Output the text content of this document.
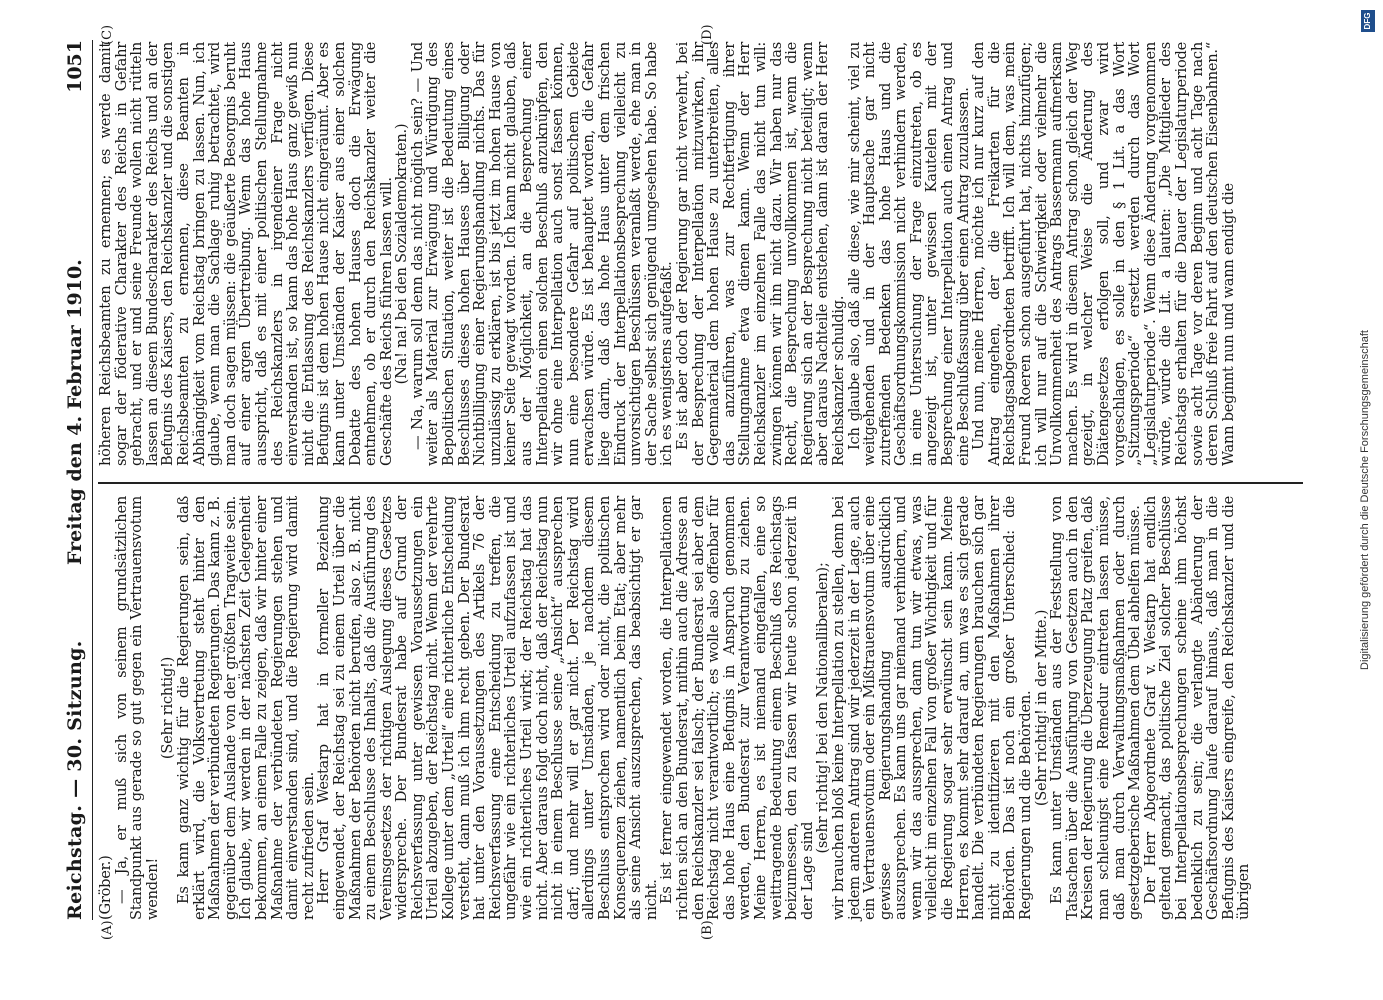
Reichstag. — 30. Sitzung.
Freitag den 4. Februar 1910.
1051
(A)	(B)
(C)	(D)

(Gröber.)

— Ja, er muß sich von seinem grundsätzlichen Standpunkt aus gerade so gut gegen ein Vertrauensvotum wenden!

(Sehr richtig!)

Es kann ganz wichtig für die Regierungen sein, daß erklärt wird, die Volksvertretung steht hinter den Maßnahmen der verbündeten Regierungen. Das kann z. B. gegenüber dem Auslande von der größten Tragweite sein. Ich glaube, wir werden in der nächsten Zeit Gelegenheit bekommen, an einem Falle zu zeigen, daß wir hinter einer Maßnahme der verbündeten Regierungen stehen und damit einverstanden sind, und die Regierung wird damit recht zufrieden sein.

Herr Graf Westarp hat in formeller Beziehung eingewendet, der Reichstag sei zu einem Urteil über die Maßnahmen der Behörden nicht berufen, also z. B. nicht zu einem Beschlusse des Inhalts, daß die Ausführung des Vereinsgesetzes der richtigen Auslegung dieses Gesetzes widerspreche. Der Bundesrat habe auf Grund der Reichsverfassung unter gewissen Voraussetzungen ein Urteil abzugeben, der Reichstag nicht. Wenn der verehrte Kollege unter dem „Urteil“ eine richterliche Entscheidung versteht, dann muß ich ihm recht geben. Der Bundesrat hat unter den Voraussetzungen des Artikels 76 der Reichsverfassung eine Entscheidung zu treffen, die ungefähr wie ein richterliches Urteil aufzufassen ist und wie ein richterliches Urteil wirkt; der Reichstag hat das nicht. Aber daraus folgt doch nicht, daß der Reichstag nun nicht in einem Beschlusse seine „Ansicht“ aussprechen darf; und mehr will er gar nicht. Der Reichstag wird allerdings unter Umständen, je nachdem diesem Beschluss entsprochen wird oder nicht, die politischen Konsequenzen ziehen, namentlich beim Etat; aber mehr als seine Ansicht auszusprechen, das beabsichtigt er gar nicht.

Es ist ferner eingewendet worden, die Interpellationen richten sich an den Bundesrat, mithin auch die Adresse an den Reichskanzler sei falsch; der Bundesrat sei aber dem Reichstag nicht verantwortlich; es wolle also offenbar für das hohe Haus eine Befugnis in Anspruch genommen werden, den Bundesrat zur Verantwortung zu ziehen. Meine Herren, es ist niemand eingefallen, eine so weittragende Bedeutung einem Beschluß des Reichstags beizumessen, den zu fassen wir heute schon jederzeit in der Lage sind

(sehr richtig! bei den Nationalliberalen);

wir brauchen bloß keine Interpellation zu stellen, denn bei jedem anderen Antrag sind wir jederzeit in der Lage, auch ein Vertrauensvotum oder ein Mißtrauensvotum über eine gewisse Regierungshandlung ausdrücklich auszusprechen. Es kann uns gar niemand verhindern, und wenn wir das aussprechen, dann tun wir etwas, was vielleicht im einzelnen Fall von großer Wichtigkeit und für die Regierung sogar sehr erwünscht sein kann. Meine Herren, es kommt sehr darauf an, um was es sich gerade handelt. Die verbündeten Regierungen brauchen sich gar nicht zu identifizieren mit den Maßnahmen ihrer Behörden. Das ist noch ein großer Unterschied: die Regierungen und die Behörden.

(Sehr richtig! in der Mitte.)

Es kann unter Umständen aus der Feststellung von Tatsachen über die Ausführung von Gesetzen auch in den Kreisen der Regierung die Überzeugung Platz greifen, daß man schleunigst eine Remedur eintreten lassen müsse, daß man durch Verwaltungsmaßnahmen oder durch gesetzgeberische Maßnahmen dem Übel abhelfen müsse.

Der Herr Abgeordnete Graf v. Westarp hat endlich geltend gemacht, das politische Ziel solcher Beschlüsse bei Interpellationsbesprechungen scheine ihm höchst bedenklich zu sein; die verlangte Abänderung der Geschäftsordnung laufe darauf hinaus, daß man in die Befugnis des Kaisers eingreife, den Reichskanzler und die übrigen

höheren Reichsbeamten zu ernennen; es werde damit sogar der föderative Charakter des Reichs in Gefahr gebracht, und er und seine Freunde wollen nicht rütteln lassen an diesem Bundescharakter des Reichs und an der Befugnis des Kaisers, den Reichskanzler und die sonstigen Reichsbeamten zu ernennen, diese Beamten in Abhängigkeit vom Reichstag bringen zu lassen. Nun, ich glaube, wenn man die Sachlage ruhig betrachtet, wird man doch sagen müssen: die geäußerte Besorgnis beruht auf einer argen Übertreibung. Wenn das hohe Haus ausspricht, daß es mit einer politischen Stellungnahme des Reichskanzlers in irgendeiner Frage nicht einverstanden ist, so kann das hohe Haus ganz gewiß nun nicht die Entlassung des Reichskanzlers verfügen. Diese Befugnis ist dem hohen Hause nicht eingeräumt. Aber es kann unter Umständen der Kaiser aus einer solchen Debatte des hohen Hauses doch die Erwägung entnehmen, ob er durch den Reichskanzler weiter die Geschäfte des Reichs führen lassen will.

(Na! na! bei den Sozialdemokraten.)

— Na, warum soll denn das nicht möglich sein? — Und weiter als Material zur Erwägung und Würdigung des Bepolitischen Situation, weiter ist die Bedeutung eines Beschlusses dieses hohen Hauses über Billigung oder Nichtbilligung einer Regierungshandlung nichts. Das für unzulässig zu erklären, ist bis jetzt im hohen Hause von keiner Seite gewagt worden. Ich kann nicht glauben, daß aus der Möglichkeit, an die Besprechung einer Interpellation einen solchen Beschluß anzuknüpfen, den wir ohne eine Interpellation auch sonst fassen können, nun eine besondere Gefahr auf politischem Gebiete erwachsen würde. Es ist behauptet worden, die Gefahr liege darin, daß das hohe Haus unter dem frischen Eindruck der Interpellationsbesprechung vielleicht zu unvorsichtigen Beschlüssen veranlaßt werde, ehe man in der Sache selbst sich genügend umgesehen habe. So habe ich es wenigstens aufgefaßt.

Es ist aber doch der Regierung gar nicht verwehrt, bei der Besprechung der Interpellation mitzuwirken, ihr Gegenmaterial dem hohen Hause zu unterbreiten, alles das anzuführen, was zur Rechtfertigung ihrer Stellungnahme etwa dienen kann. Wenn der Herr Reichskanzler im einzelnen Falle das nicht tun will: zwingen können wir ihn nicht dazu. Wir haben nur das Recht, die Besprechung unvollkommen ist, wenn die Regierung sich an der Besprechung nicht beteiligt; wenn aber daraus Nachteile entstehen, dann ist daran der Herr Reichskanzler schuldig.

Ich glaube also, daß alle diese, wie mir scheint, viel zu weitgehenden und in der Hauptsache gar nicht zutreffenden Bedenken das hohe Haus und die Geschäftsordnungskommission nicht verhindern werden, in eine Untersuchung der Frage einzutreten, ob es angezeigt ist, unter gewissen Kautelen mit der Besprechung einer Interpellation auch einen Antrag und eine Beschlußfassung über einen Antrag zuzulassen.

Und nun, meine Herren, möchte ich nur kurz auf den Antrag eingehen, der die Freikarten für die Reichstagsabgeordneten betrifft. Ich will dem, was mein Freund Roeren schon ausgeführt hat, nichts hinzufügen; ich will nur auf die Schwierigkeit oder vielmehr die Unvollkommenheit des Antrags Bassermann aufmerksam machen. Es wird in diesem Antrag schon gleich der Weg gezeigt, in welcher Weise die Änderung des Diätengesetzes erfolgen soll, und zwar wird vorgeschlagen, es solle in den § 1 Lit. a das Wort „Sitzungsperiode“ ersetzt werden durch das Wort „Legislaturperiode“. Wenn diese Änderung vorgenommen würde, würde die Lit. a lauten: „Die Mitglieder des Reichstags erhalten für die Dauer der Legislaturperiode sowie acht Tage vor deren Beginn und acht Tage nach deren Schluß freie Fahrt auf den deutschen Eisenbahnen.“ Wann beginnt nun und wann endigt die

Digitalisierung gefördert durch die Deutsche Forschungsgemeinschaft
DFG
